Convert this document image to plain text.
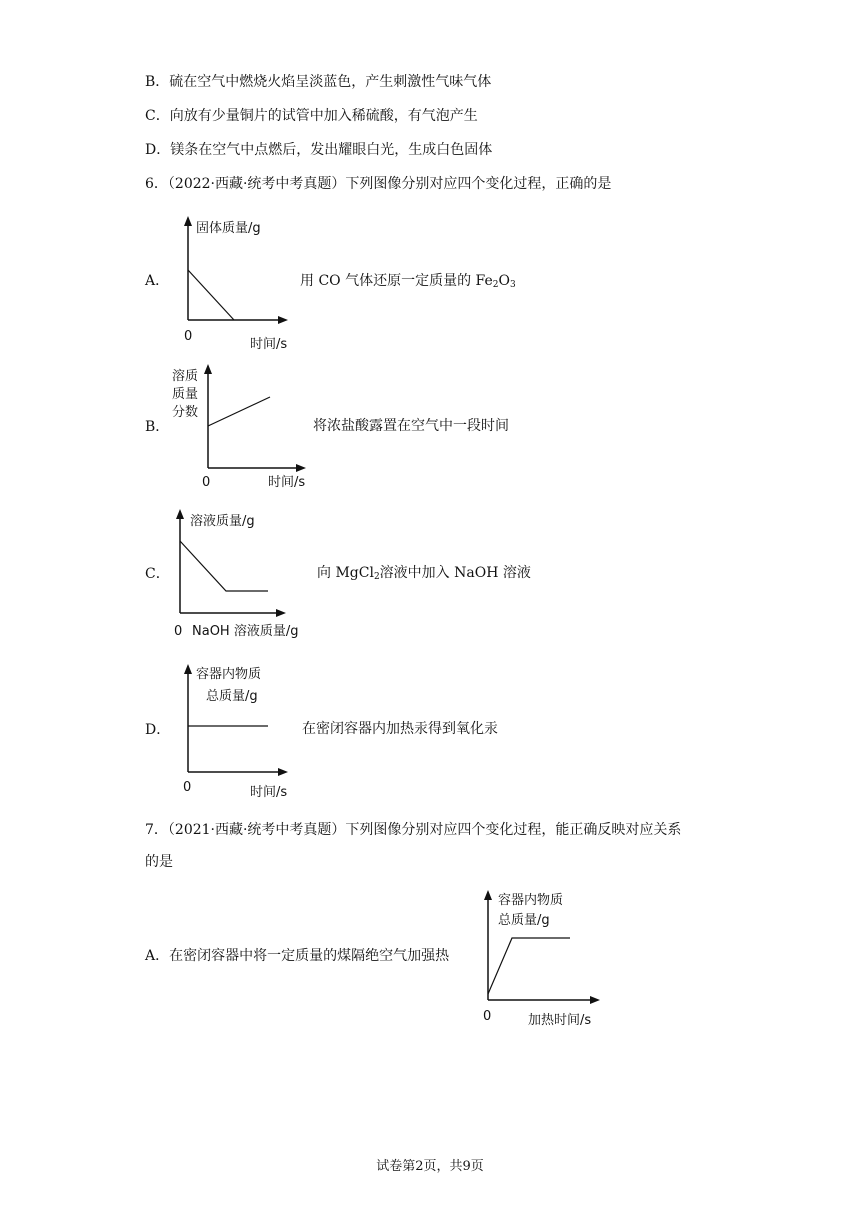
B．硫在空气中燃烧火焰呈淡蓝色，产生刺激性气味气体
C．向放有少量铜片的试管中加入稀硫酸，有气泡产生
D．镁条在空气中点燃后，发出耀眼白光，生成白色固体
6．（2022·西藏·统考中考真题）下列图像分别对应四个变化过程，正确的是
A．
固体质量/g
0
时间/s
用 CO 气体还原一定质量的 $Fe_2O_3$
B．
溶质
质量
分数
0	时间/s
将浓盐酸露置在空气中一段时间
C．
溶液质量/g
0 NaOH 溶液质量/g
向 MgCl$_2$溶液中加入 NaOH 溶液
D．
容器内物质
总质量/g
0	时间/s
在密闭容器内加热汞得到氧化汞
7．（2021·西藏·统考中考真题）下列图像分别对应四个变化过程，能正确反映对应关系
的是
A．在密闭容器中将一定质量的煤隔绝空气加强热
容器内物质
总质量/g
0	加热时间/s
试卷第2页，共9页
